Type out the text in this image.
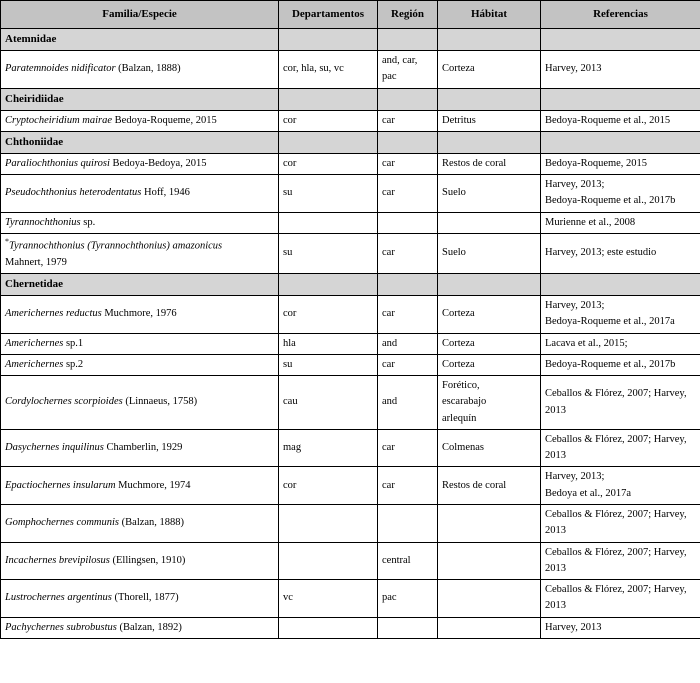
Familia/Especie	Departamentos	Región	Hábitat	Referencias
Atemnidae				

Paratemnoides nidificator (Balzan, 1888)	cor, hla, su, vc	and, car,
pac	Corteza	Harvey, 2013

Cheiridiidae				

Cryptocheiridium mairae Bedoya-Roqueme, 2015	cor	car	Detritus	Bedoya-Roqueme et al., 2015

Chthoniidae				

Paraliochthonius quirosi Bedoya-Bedoya, 2015	cor	car	Restos de coral	Bedoya-Roqueme, 2015

Pseudochthonius heterodentatus Hoff, 1946	su	car	Suelo	Harvey, 2013;
Bedoya-Roqueme et al., 2017b

Tyrannochthonius sp.				Murienne et al., 2008

*Tyrannochthonius (Tyrannochthonius) amazonicus
Mahnert, 1979	su	car	Suelo	Harvey, 2013; este estudio

Chernetidae				

Americhernes reductus Muchmore, 1976	cor	car	Corteza	Harvey, 2013;
Bedoya-Roqueme et al., 2017a

Americhernes sp.1	hla	and	Corteza	Lacava et al., 2015;

Americhernes sp.2	su	car	Corteza	Bedoya-Roqueme et al., 2017b

Cordylochernes scorpioides (Linnaeus, 1758)	cau	and	Forético,
escarabajo
arlequín	Ceballos & Flórez, 2007; Harvey,
2013

Dasychernes inquilinus Chamberlin, 1929	mag	car	Colmenas	Ceballos & Flórez, 2007; Harvey,
2013

Epactiochernes insularum Muchmore, 1974	cor	car	Restos de coral	Harvey, 2013;
Bedoya et al., 2017a

Gomphochernes communis (Balzan, 1888)				Ceballos & Flórez, 2007; Harvey,
2013

Incachernes brevipilosus (Ellingsen, 1910)		central		Ceballos & Flórez, 2007; Harvey,
2013

Lustrochernes argentinus (Thorell, 1877)	vc	pac		Ceballos & Flórez, 2007; Harvey,
2013

Pachychernes subrobustus (Balzan, 1892)				Harvey, 2013
